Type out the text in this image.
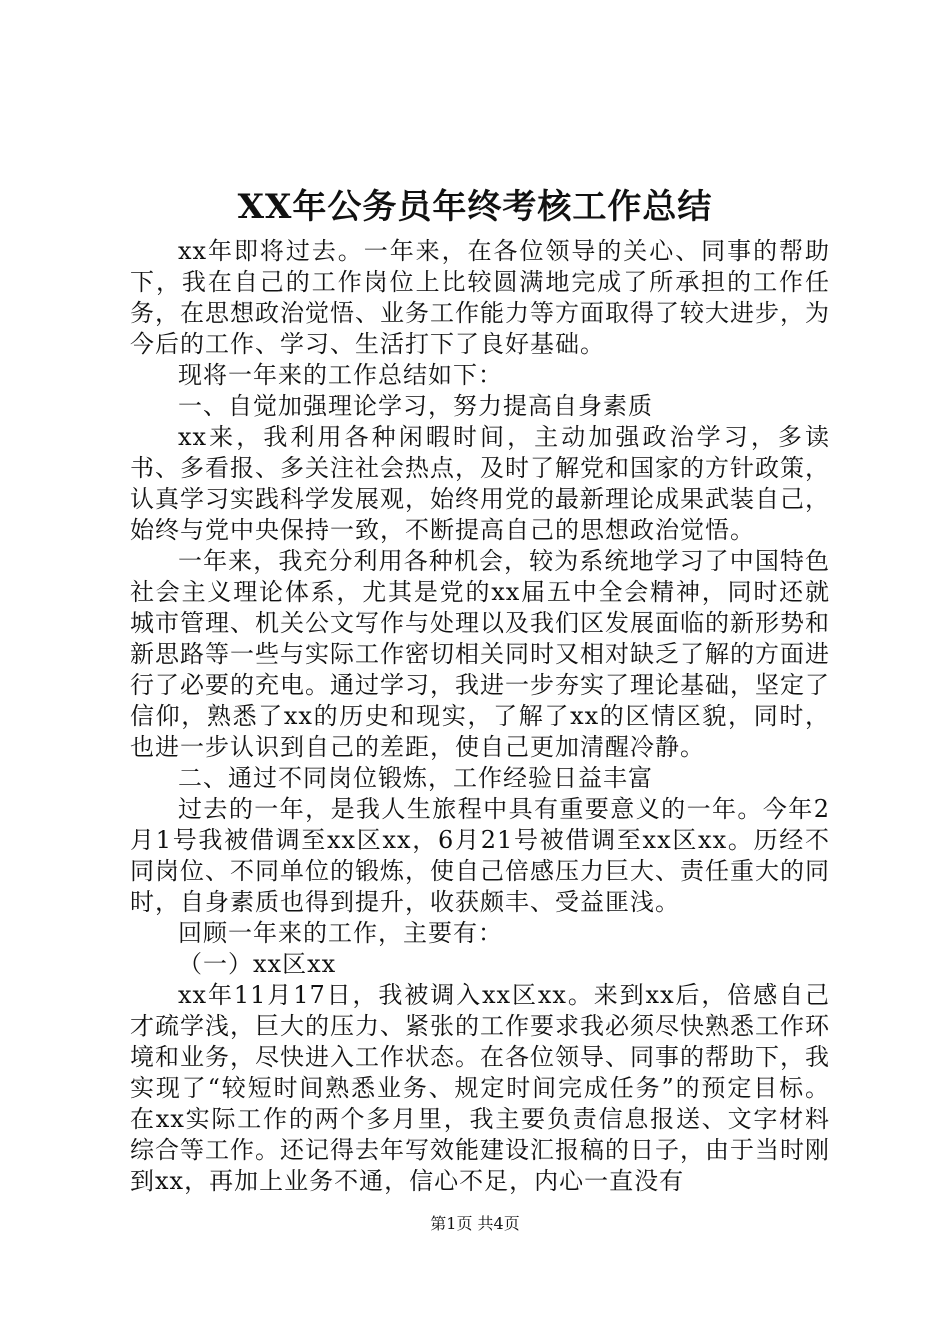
XX年公务员年终考核工作总结

xx年即将过去。一年来，在各位领导的关心、同事的帮助下，我在自己的工作岗位上比较圆满地完成了所承担的工作任务，在思想政治觉悟、业务工作能力等方面取得了较大进步，为今后的工作、学习、生活打下了良好基础。

现将一年来的工作总结如下：

一、自觉加强理论学习，努力提高自身素质

xx来，我利用各种闲暇时间，主动加强政治学习，多读书、多看报、多关注社会热点，及时了解党和国家的方针政策，认真学习实践科学发展观，始终用党的最新理论成果武装自己，始终与党中央保持一致，不断提高自己的思想政治觉悟。

一年来，我充分利用各种机会，较为系统地学习了中国特色社会主义理论体系，尤其是党的xx届五中全会精神，同时还就城市管理、机关公文写作与处理以及我们区发展面临的新形势和新思路等一些与实际工作密切相关同时又相对缺乏了解的方面进行了必要的充电。通过学习，我进一步夯实了理论基础，坚定了信仰，熟悉了xx的历史和现实，了解了xx的区情区貌，同时，也进一步认识到自己的差距，使自己更加清醒冷静。

二、通过不同岗位锻炼，工作经验日益丰富

过去的一年，是我人生旅程中具有重要意义的一年。今年2月1号我被借调至xx区xx，6月21号被借调至xx区xx。历经不同岗位、不同单位的锻炼，使自己倍感压力巨大、责任重大的同时，自身素质也得到提升，收获颇丰、受益匪浅。

回顾一年来的工作，主要有：

（一）xx区xx

xx年11月17日，我被调入xx区xx。来到xx后，倍感自己才疏学浅，巨大的压力、紧张的工作要求我必须尽快熟悉工作环境和业务，尽快进入工作状态。在各位领导、同事的帮助下，我实现了“较短时间熟悉业务、规定时间完成任务”的预定目标。在xx实际工作的两个多月里，我主要负责信息报送、文字材料综合等工作。还记得去年写效能建设汇报稿的日子，由于当时刚到xx，再加上业务不通，信心不足，内心一直没有

第1页 共4页
